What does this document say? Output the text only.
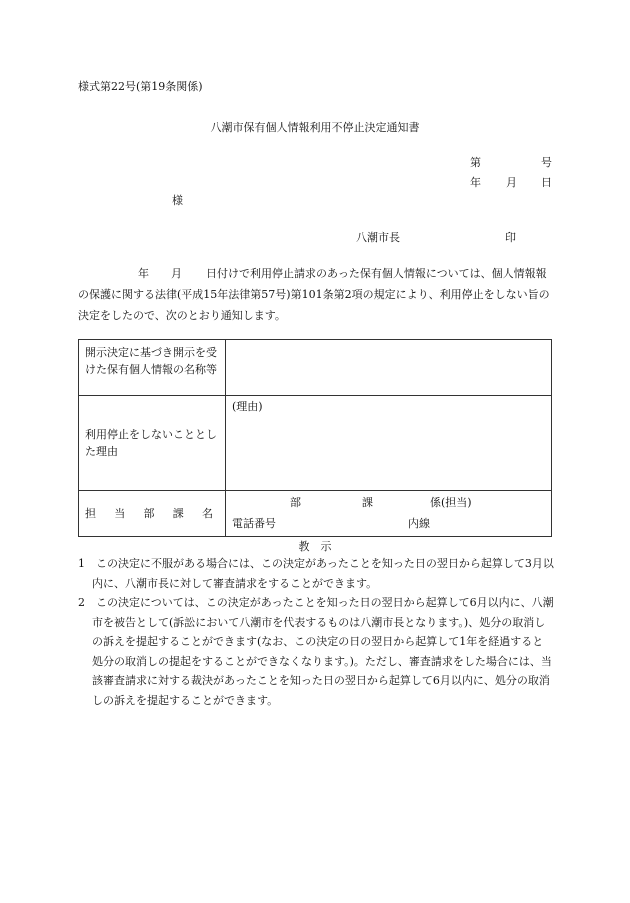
様式第22号(第19条関係)
八潮市保有個人情報利用不停止決定通知書
第	号
年 月 日
様
八潮市長	印
年 月 日付けで利用停止請求のあった保有個人情報については、個人情報報の保護に関する法律(平成15年法律第57号)第101条第2項の規定により、利用停止をしない旨の決定をしたので、次のとおり通知します。
開示決定に基づき開示を受けた保有個人情報の名称等	
利用停止をしないこととした理由	(理由)

担　当　部　課　名	部 課 係(担当)
電話番号 内線
教　示
1　この決定に不服がある場合には、この決定があったことを知った日の翌日から起算して3月以内に、八潮市長に対して審査請求をすることができます。
2　この決定については、この決定があったことを知った日の翌日から起算して6月以内に、八潮市を被告として(訴訟において八潮市を代表するものは八潮市長となります。)、処分の取消しの訴えを提起することができます(なお、この決定の日の翌日から起算して1年を経過すると処分の取消しの提起をすることができなくなります。)。ただし、審査請求をした場合には、当該審査請求に対する裁決があったことを知った日の翌日から起算して6月以内に、処分の取消しの訴えを提起することができます。
